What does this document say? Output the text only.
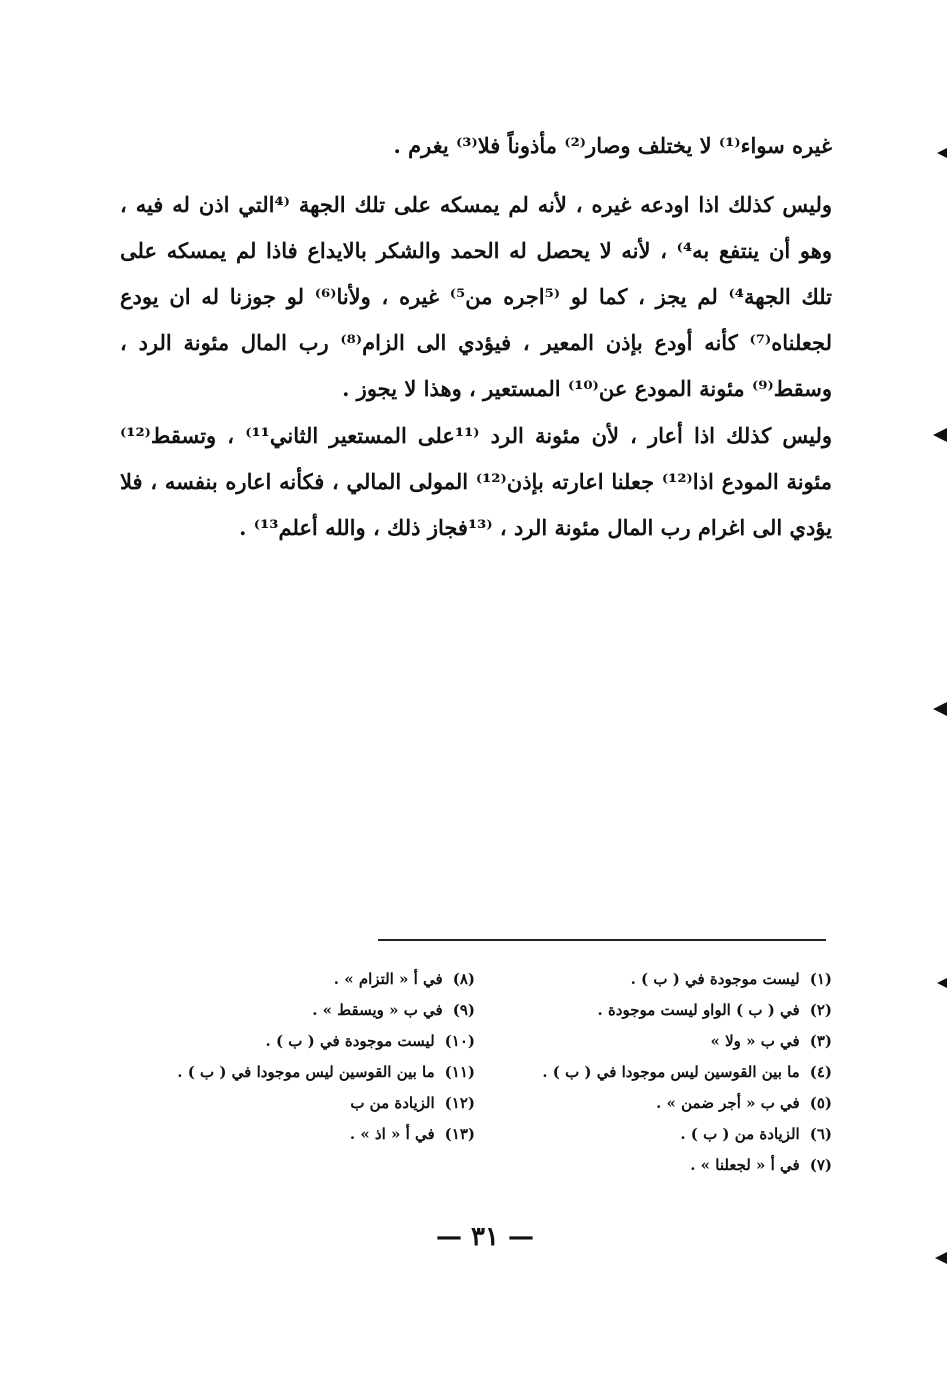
غيره سواء⁽¹⁾ لا يختلف وصار⁽²⁾ مأذوناً فلا⁽³⁾ يغرم .

وليس كذلك اذا اودعه غيره ، لأنه لم يمسكه على تلك الجهة ⁽⁴التي اذن له فيه ، وهو أن ينتفع به⁴⁾ ، لأنه لا يحصل له الحمد والشكر بالايداع فاذا لم يمسكه على تلك الجهة⁴⁾ لم يجز ، كما لو ⁽⁵اجره من⁵⁾ غيره ، ولأنا⁽⁶⁾ لو جوزنا له ان يودع لجعلناه⁽⁷⁾ كأنه أودع بإذن المعير ، فيؤدي الى الزام⁽⁸⁾ رب المال مئونة الرد ، وسقط⁽⁹⁾ مئونة المودع عن⁽¹⁰⁾ المستعير ، وهذا لا يجوز .

وليس كذلك اذا أعار ، لأن مئونة الرد ⁽¹¹على المستعير الثاني¹¹⁾ ، وتسقط⁽¹²⁾ مئونة المودع اذا⁽¹²⁾ جعلنا اعارته بإذن⁽¹²⁾ المولى المالي ، فكأنه اعاره بنفسه ، فلا يؤدي الى اغرام رب المال مئونة الرد ، ⁽¹³فجاز ذلك ، والله أعلم¹³⁾ .

(١)ليست موجودة في ( ب ) .
(٢)في ( ب ) الواو ليست موجودة .
(٣)في ب « ولا »
(٤)ما بين القوسين ليس موجودا في ( ب ) .
(٥)في ب « أجر ضمن » .
(٦)الزيادة من ( ب ) .
(٧)في أ « لجعلنا » .
(٨)في أ « التزام » .
(٩)في ب « ويسقط » .
(١٠)ليست موجودة في ( ب ) .
(١١)ما بين القوسين ليس موجودا في ( ب ) .
(١٢)الزيادة من ب
(١٣)في أ « اذ » .
— ٣١ —
